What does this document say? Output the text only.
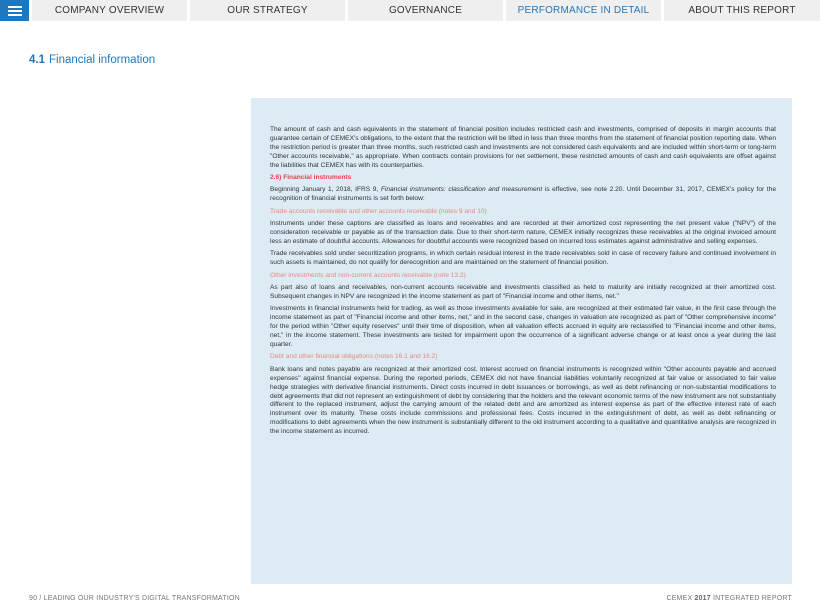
COMPANY OVERVIEW	OUR STRATEGY	GOVERNANCE	PERFORMANCE IN DETAIL	ABOUT THIS REPORT
4.1 Financial information

The amount of cash and cash equivalents in the statement of financial position includes restricted cash and investments, comprised of deposits in margin accounts that guarantee certain of CEMEX's obligations, to the extent that the restriction will be lifted in less than three months from the statement of financial position reporting date. When the restriction period is greater than three months, such restricted cash and investments are not considered cash equivalents and are included within short-term or long-term "Other accounts receivable," as appropriate. When contracts contain provisions for net settlement, these restricted amounts of cash and cash equivalents are offset against the liabilities that CEMEX has with its counterparties.

2.6) Financial instruments

Beginning January 1, 2018, IFRS 9, Financial instruments: classification and measurement is effective, see note 2.20. Until December 31, 2017, CEMEX's policy for the recognition of financial instruments is set forth below:

Trade accounts receivable and other accounts receivable (notes 9 and 10)

Instruments under these captions are classified as loans and receivables and are recorded at their amortized cost representing the net present value ("NPV") of the consideration receivable or payable as of the transaction date. Due to their short-term nature, CEMEX initially recognizes these receivables at the original invoiced amount less an estimate of doubtful accounts. Allowances for doubtful accounts were recognized based on incurred loss estimates against administrative and selling expenses.

Trade receivables sold under securitization programs, in which certain residual interest in the trade receivables sold in case of recovery failure and continued involvement in such assets is maintained, do not qualify for derecognition and are maintained on the statement of financial position.

Other investments and non-current accounts receivable (note 13.2)

As part also of loans and receivables, non-current accounts receivable and investments classified as held to maturity are initially recognized at their amortized cost. Subsequent changes in NPV are recognized in the income statement as part of "Financial income and other items, net."

Investments in financial instruments held for trading, as well as those investments available for sale, are recognized at their estimated fair value, in the first case through the income statement as part of "Financial income and other items, net," and in the second case, changes in valuation are recognized as part of "Other comprehensive income" for the period within "Other equity reserves" until their time of disposition, when all valuation effects accrued in equity are reclassified to "Financial income and other items, net," in the income statement. These investments are tested for impairment upon the occurrence of a significant adverse change or at least once a year during the last quarter.

Debt and other financial obligations (notes 16.1 and 16.2)

Bank loans and notes payable are recognized at their amortized cost. Interest accrued on financial instruments is recognized within "Other accounts payable and accrued expenses" against financial expense. During the reported periods, CEMEX did not have financial liabilities voluntarily recognized at fair value or associated to fair value hedge strategies with derivative financial instruments. Direct costs incurred in debt issuances or borrowings, as well as debt refinancing or non-substantial modifications to debt agreements that did not represent an extinguishment of debt by considering that the holders and the relevant economic terms of the new instrument are not substantially different to the replaced instrument, adjust the carrying amount of the related debt and are amortized as interest expense as part of the effective interest rate of each instrument over its maturity. These costs include commissions and professional fees. Costs incurred in the extinguishment of debt, as well as debt refinancing or modifications to debt agreements when the new instrument is substantially different to the old instrument according to a qualitative and quantitative analysis are recognized in the income statement as incurred.

90 / LEADING OUR INDUSTRY'S DIGITAL TRANSFORMATION	CEMEX 2017 INTEGRATED REPORT
